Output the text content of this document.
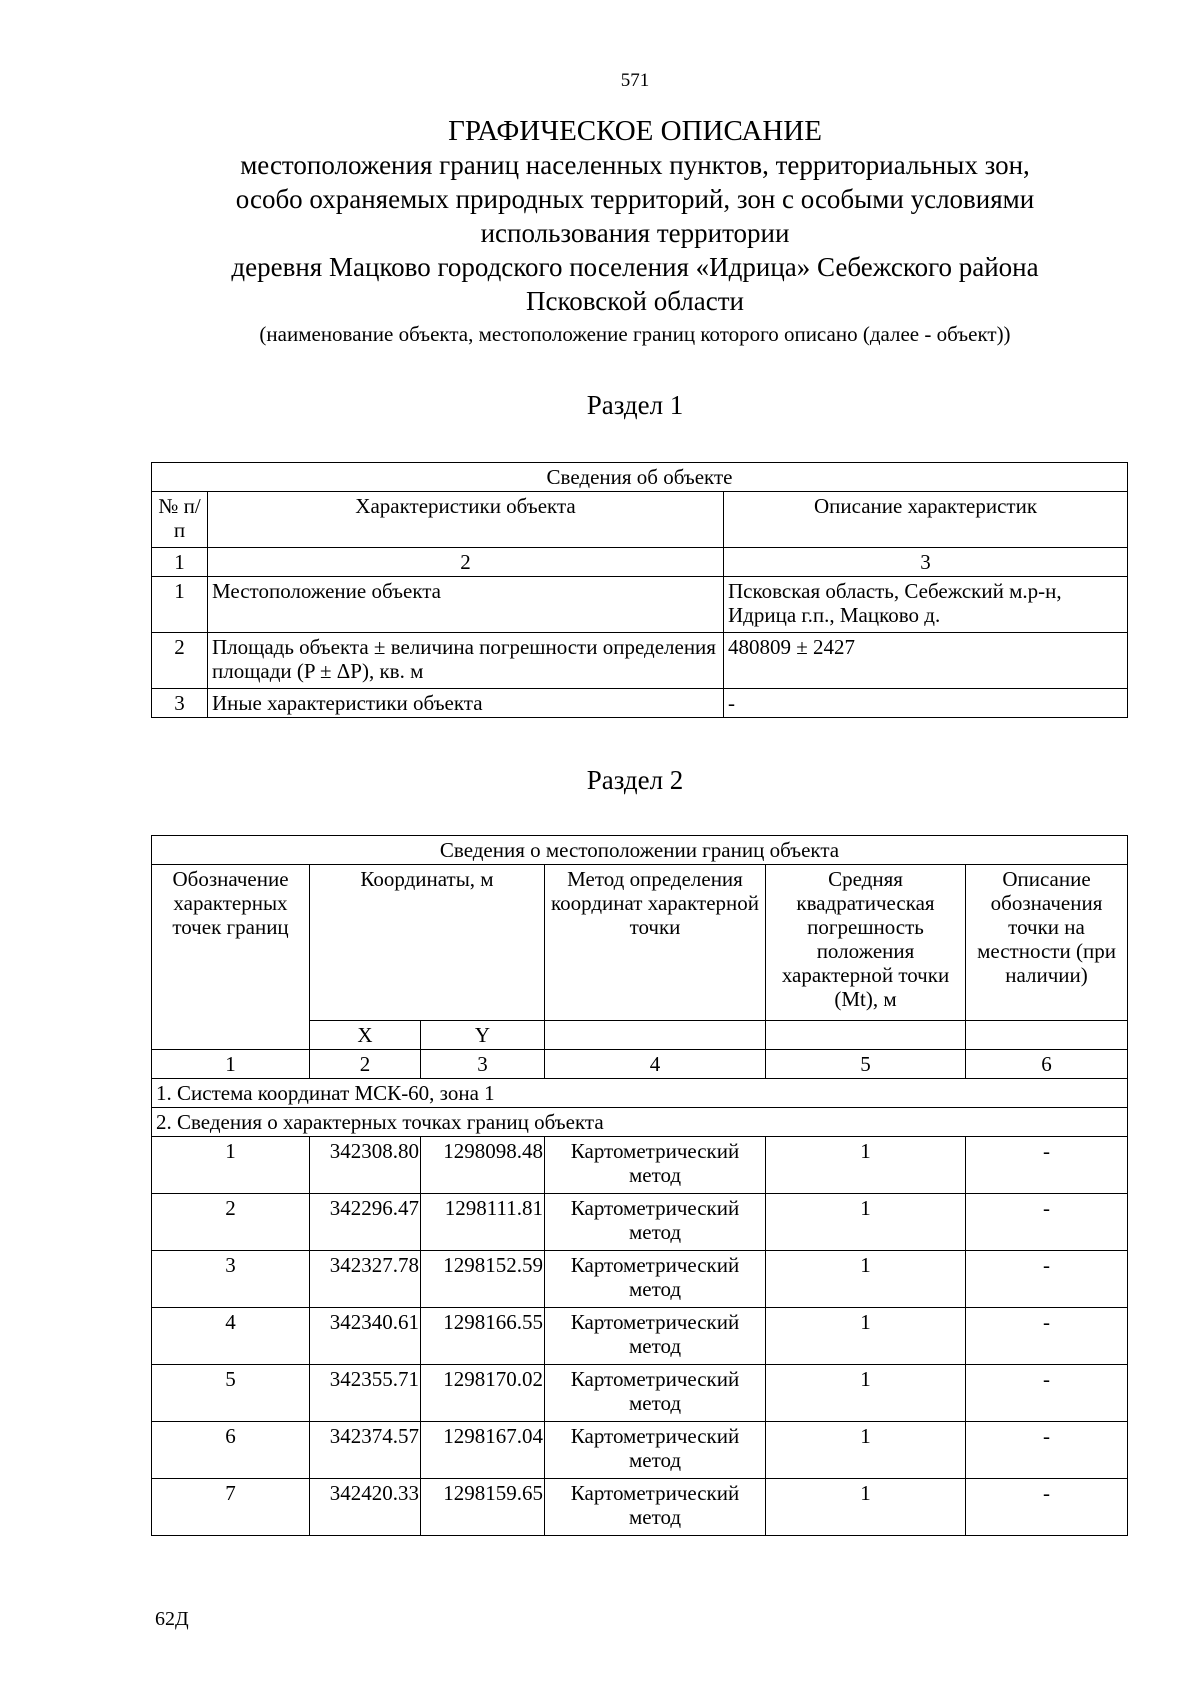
571
ГРАФИЧЕСКОЕ ОПИСАНИЕ
местоположения границ населенных пунктов, территориальных зон,
особо охраняемых природных территорий, зон с особыми условиями
использования территории
деревня Мацково городского поселения «Идрица» Себежского района
Псковской области
(наименование объекта, местоположение границ которого описано (далее - объект))
Раздел 1
Сведения об объекте		
№ п/п	Характеристики объекта	Описание характеристик
1	2	3
1	Местоположение объекта	Псковская область, Себежский м.р-н, Идрица г.п., Мацково д.
2	Площадь объекта ± величина погрешности определения площади (P ± ΔP), кв. м	480809 ± 2427
3	Иные характеристики объекта	-
Раздел 2
Сведения о местоположении границ объекта					
Обозначение характерных точек границ	Координаты, м		Метод определения координат характерной точки	Средняя квадратическая погрешность положения характерной точки (Mt), м	Описание обозначения точки на местности (при наличии)
	X	Y			
1	2	3	4	5	6
1. Система координат МСК-60, зона 1					
2. Сведения о характерных точках границ объекта					
1	342308.80	1298098.48	Картометрический метод	1	-
2	342296.47	1298111.81	Картометрический метод	1	-
3	342327.78	1298152.59	Картометрический метод	1	-
4	342340.61	1298166.55	Картометрический метод	1	-
5	342355.71	1298170.02	Картометрический метод	1	-
6	342374.57	1298167.04	Картометрический метод	1	-
7	342420.33	1298159.65	Картометрический метод	1	-
62Д
